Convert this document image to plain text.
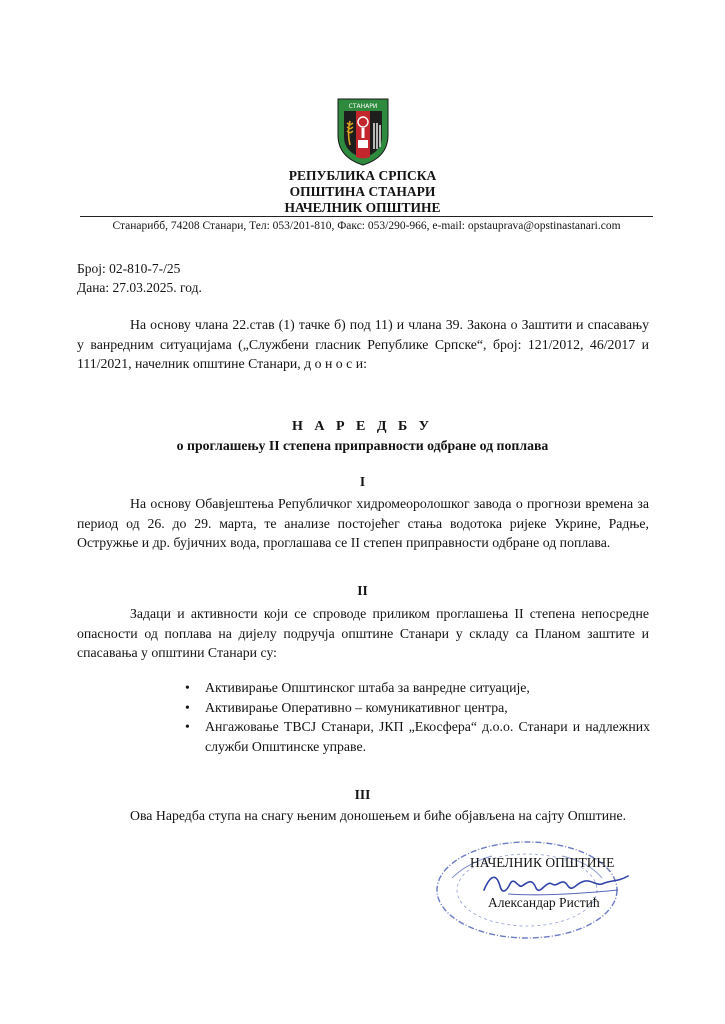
СТАНАРИ
РЕПУБЛИКА СРПСКА
ОПШТИНА СТАНАРИ
НАЧЕЛНИК ОПШТИНЕ
Станарибб, 74208 Станари, Тел: 053/201-810, Факс: 053/290-966, e-mail: opstauprava@opstinastanari.com
Број: 02-810-7-/25
Дана: 27.03.2025. год.

На основу члана 22.став (1) тачке б) под 11) и члана 39. Закона о Заштити и спасавању у ванредним ситуацијама („Службени гласник Републике Српске“, број: 121/2012, 46/2017 и 111/2021, начелник општине Станари, д о н о с и:

Н А Р Е Д Б У
о проглашењу II степена приправности одбране од поплава
I

На основу Обавјештења Републичког хидромеоролошког завода о прогнози времена за период од 26. до 29. марта, те анализе постојећег стања водотока ријеке Укрине, Радње, Остружње и др. бујичних вода, проглашава се II степен приправности одбране од поплава.

II

Задаци и активности који се спроводе приликом проглашења II степена непосредне опасности од поплава на дијелу подручја општине Станари у складу са Планом заштите и спасавања у општини Станари су:

• Активирање Општинског штаба за ванредне ситуације,
• Активирање Оперативно – комуникативног центра,
• Ангажовање ТВСЈ Станари, ЈКП „Екосфера“ д.о.о. Станари и надлежних служби Општинске управе.
III

Ова Наредба ступа на снагу њеним доношењем и биће објављена на сајту Општине.

НАЧЕЛНИК ОПШТИНЕ
Александар Ристић
